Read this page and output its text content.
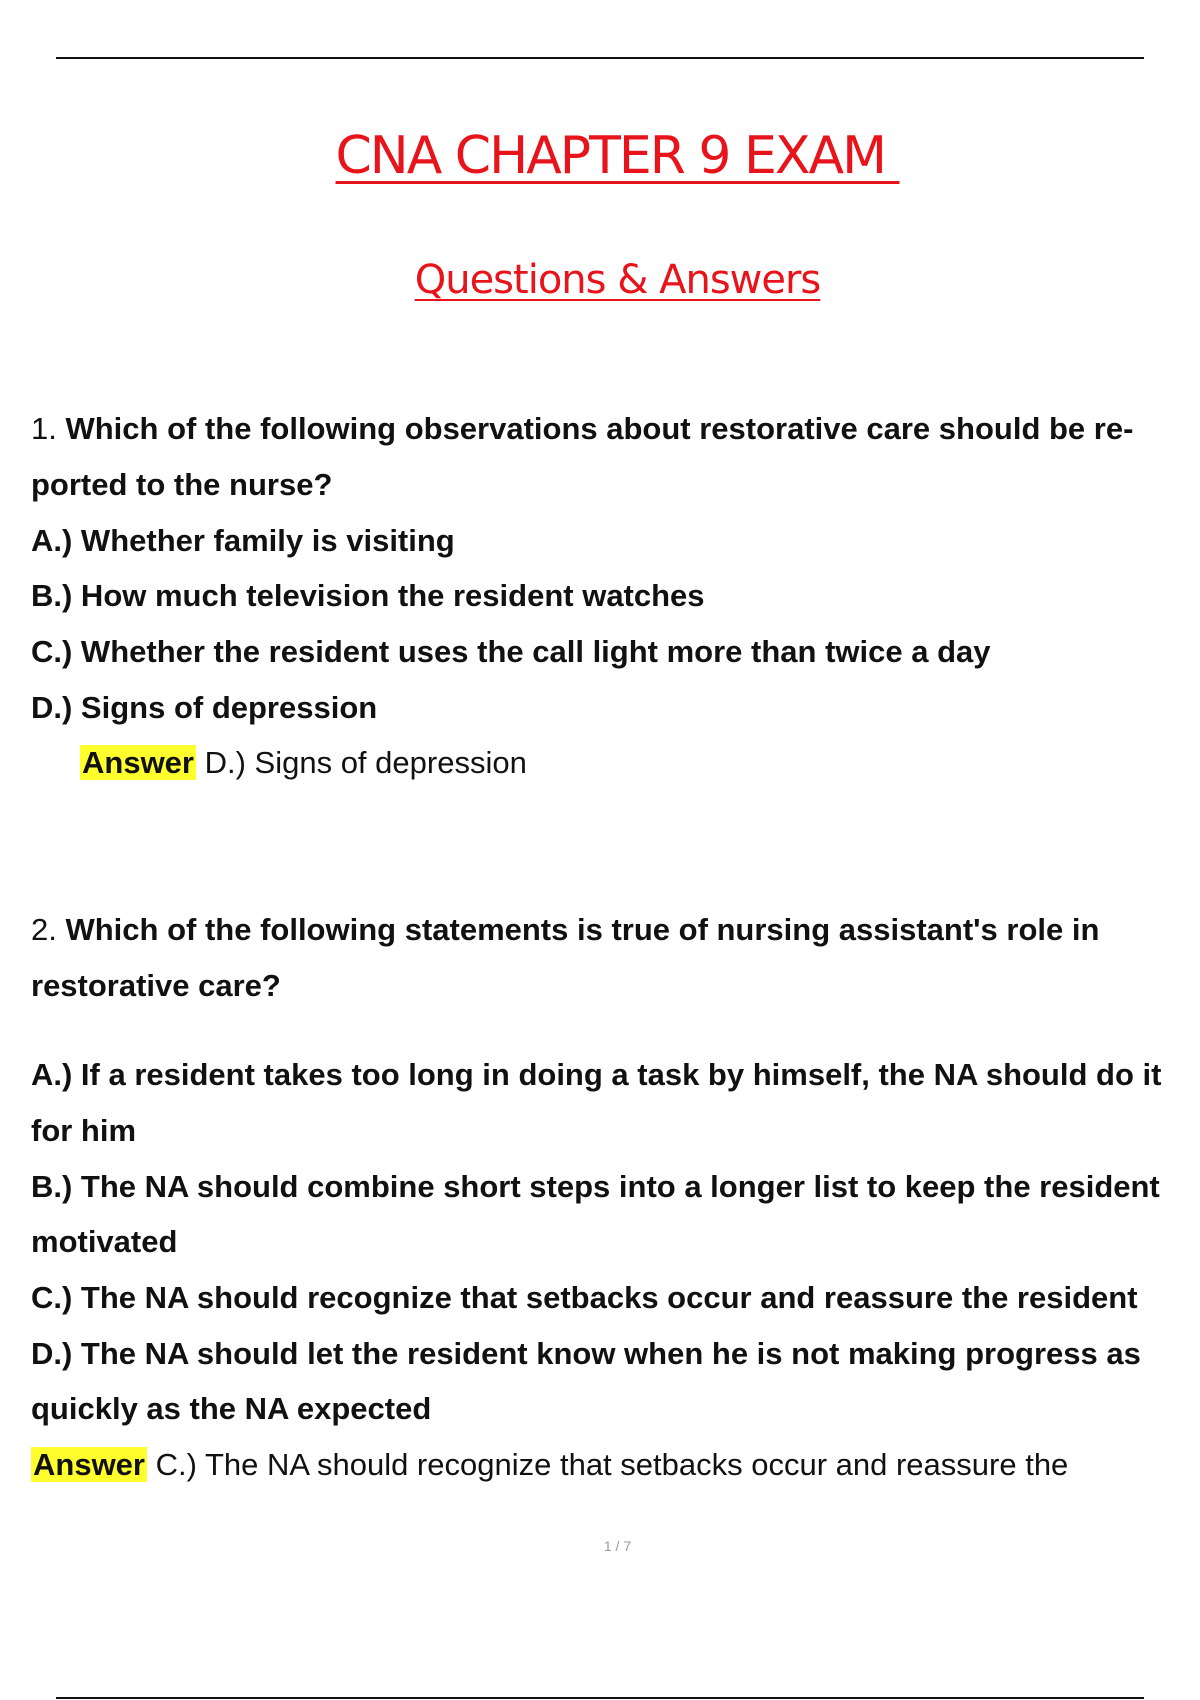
CNA CHAPTER 9 EXAM
Questions & Answers
1. Which of the following observations about restorative care should be re-
ported to the nurse?
A.) Whether family is visiting
B.) How much television the resident watches
C.) Whether the resident uses the call light more than twice a day
D.) Signs of depression
Answer D.) Signs of depression
2. Which of the following statements is true of nursing assistant's role in
restorative care?
A.) If a resident takes too long in doing a task by himself, the NA should do it
for him
B.) The NA should combine short steps into a longer list to keep the resident
motivated
C.) The NA should recognize that setbacks occur and reassure the resident
D.) The NA should let the resident know when he is not making progress as
quickly as the NA expected
Answer C.) The NA should recognize that setbacks occur and reassure the
1 / 7
